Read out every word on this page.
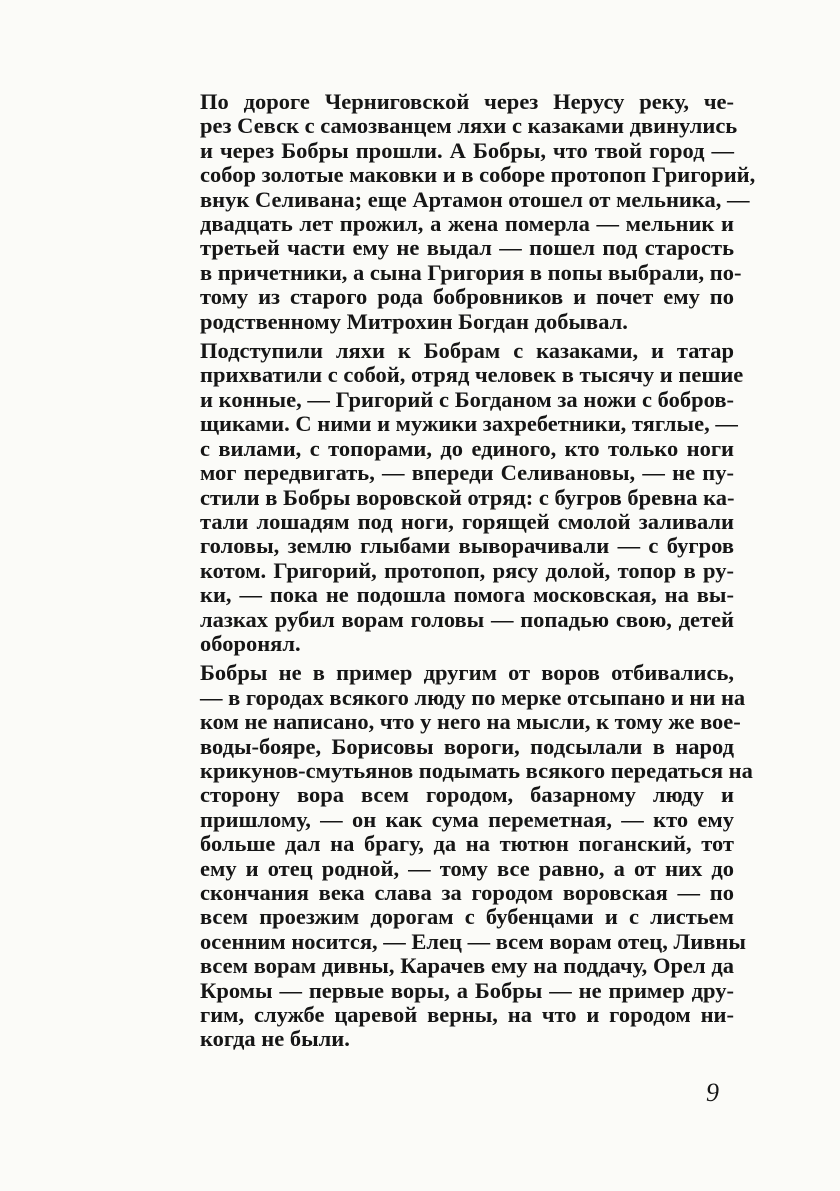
По дороге Черниговской через Нерусу реку, че-
рез Севск с самозванцем ляхи с казаками двинулись
и через Бобры прошли. А Бобры, что твой город —
собор золотые маковки и в соборе протопоп Григорий,
внук Селивана; еще Артамон отошел от мельника, —
двадцать лет прожил, а жена померла — мельник и
третьей части ему не выдал — пошел под старость
в причетники, а сына Григория в попы выбрали, по-
тому из старого рода бобровников и почет ему по
родственному Митрохин Богдан добывал.
Подступили ляхи к Бобрам с казаками, и татар
прихватили с собой, отряд человек в тысячу и пешие
и конные, — Григорий с Богданом за ножи с бобров-
щиками. С ними и мужики захребетники, тяглые, —
с вилами, с топорами, до единого, кто только ноги
мог передвигать, — впереди Селивановы, — не пу-
стили в Бобры воровской отряд: с бугров бревна ка-
тали лошадям под ноги, горящей смолой заливали
головы, землю глыбами выворачивали — с бугров
котом. Григорий, протопоп, рясу долой, топор в ру-
ки, — пока не подошла помога московская, на вы-
лазках рубил ворам головы — попадью свою, детей
оборонял.
Бобры не в пример другим от воров отбивались,
— в городах всякого люду по мерке отсыпано и ни на
ком не написано, что у него на мысли, к тому же вое-
воды-бояре, Борисовы вороги, подсылали в народ
крикунов-смутьянов подымать всякого передаться на
сторону вора всем городом, базарному люду и
пришлому, — он как сума переметная, — кто ему
больше дал на брагу, да на тютюн поганский, тот
ему и отец родной, — тому все равно, а от них до
скончания века слава за городом воровская — по
всем проезжим дорогам с бубенцами и с листьем
осенним носится, — Елец — всем ворам отец, Ливны
всем ворам дивны, Карачев ему на поддачу, Орел да
Кромы — первые воры, а Бобры — не пример дру-
гим, службе царевой верны, на что и городом ни-
когда не были.
9
